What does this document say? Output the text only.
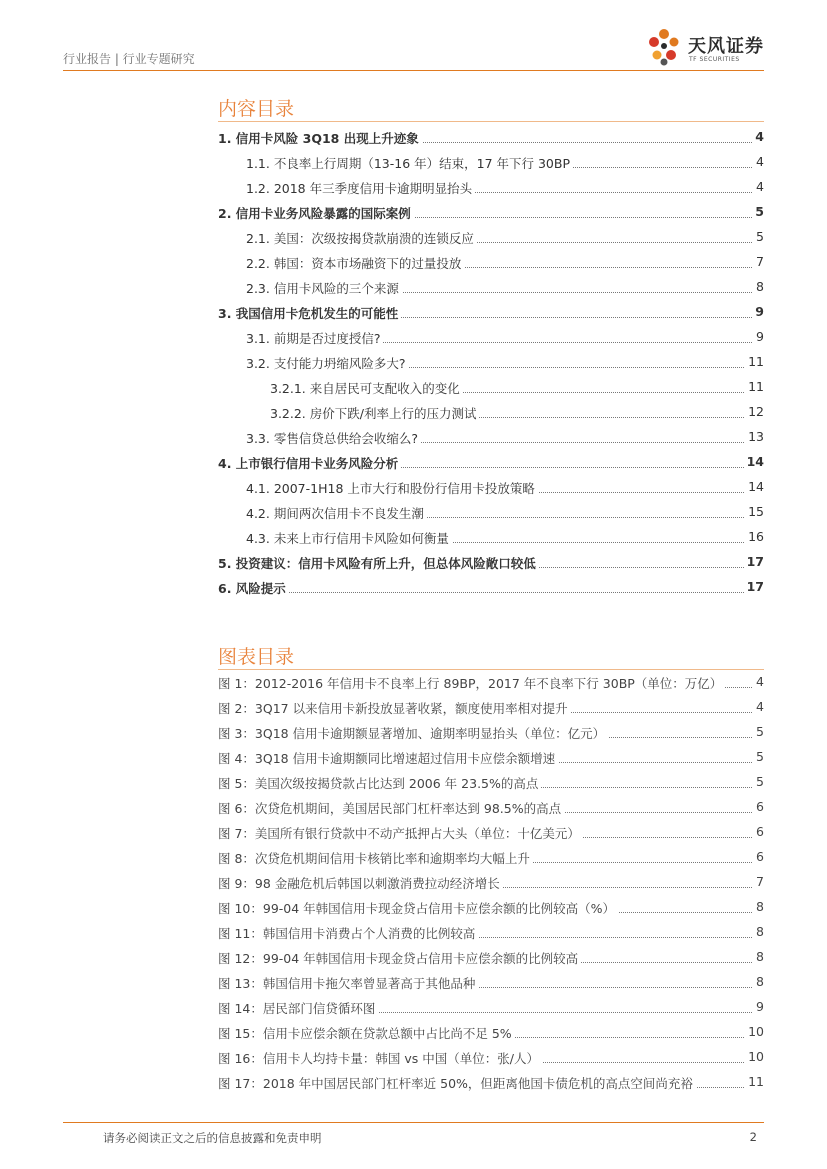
行业报告 | 行业专题研究
天风证券
TF SECURITIES
内容目录
1. 信用卡风险 3Q18 出现上升迹象	4
1.1. 不良率上行周期（13-16 年）结束，17 年下行 30BP	4
1.2. 2018 年三季度信用卡逾期明显抬头	4
2. 信用卡业务风险暴露的国际案例	5
2.1. 美国：次级按揭贷款崩溃的连锁反应	5
2.2. 韩国：资本市场融资下的过量投放	7
2.3. 信用卡风险的三个来源	8
3. 我国信用卡危机发生的可能性	9
3.1. 前期是否过度授信?	9
3.2. 支付能力坍缩风险多大?	11
3.2.1. 来自居民可支配收入的变化	11
3.2.2. 房价下跌/利率上行的压力测试	12
3.3. 零售信贷总供给会收缩么?	13
4. 上市银行信用卡业务风险分析	14
4.1. 2007-1H18 上市大行和股份行信用卡投放策略	14
4.2. 期间两次信用卡不良发生潮	15
4.3. 未来上市行信用卡风险如何衡量	16
5. 投资建议：信用卡风险有所上升，但总体风险敞口较低	17
6. 风险提示	17
图表目录
图 1：2012-2016 年信用卡不良率上行 89BP，2017 年不良率下行 30BP（单位：万亿）	4
图 2：3Q17 以来信用卡新投放显著收紧，额度使用率相对提升	4
图 3：3Q18 信用卡逾期额显著增加、逾期率明显抬头（单位：亿元）	5
图 4：3Q18 信用卡逾期额同比增速超过信用卡应偿余额增速	5
图 5：美国次级按揭贷款占比达到 2006 年 23.5%的高点	5
图 6：次贷危机期间，美国居民部门杠杆率达到 98.5%的高点	6
图 7：美国所有银行贷款中不动产抵押占大头（单位：十亿美元）	6
图 8：次贷危机期间信用卡核销比率和逾期率均大幅上升	6
图 9：98 金融危机后韩国以刺激消费拉动经济增长	7
图 10：99-04 年韩国信用卡现金贷占信用卡应偿余额的比例较高（%）	8
图 11：韩国信用卡消费占个人消费的比例较高	8
图 12：99-04 年韩国信用卡现金贷占信用卡应偿余额的比例较高	8
图 13：韩国信用卡拖欠率曾显著高于其他品种	8
图 14：居民部门信贷循环图	9
图 15：信用卡应偿余额在贷款总额中占比尚不足 5%	10
图 16：信用卡人均持卡量：韩国 vs 中国（单位：张/人）	10
图 17：2018 年中国居民部门杠杆率近 50%，但距离他国卡债危机的高点空间尚充裕	11
请务必阅读正文之后的信息披露和免责申明	2
